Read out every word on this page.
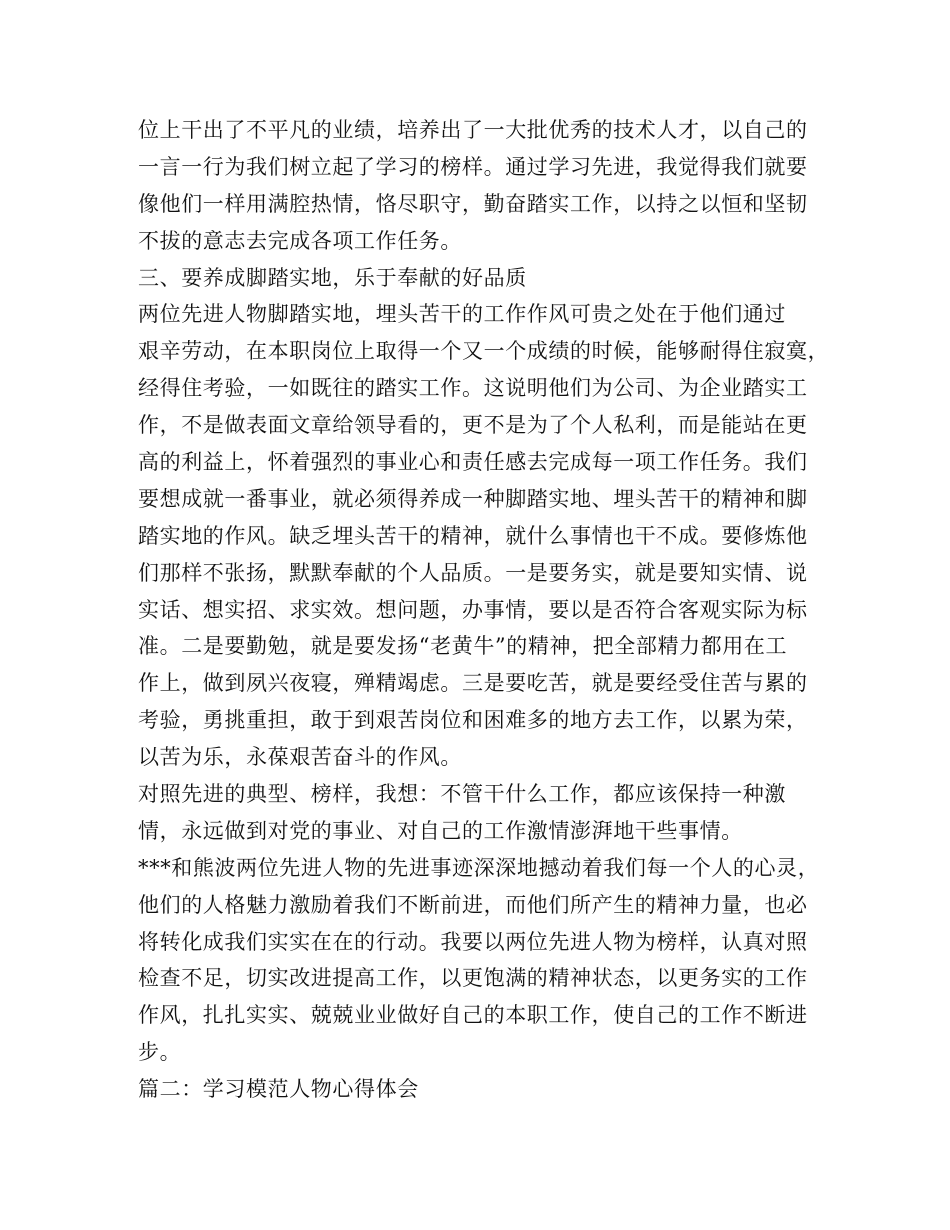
位上干出了不平凡的业绩，培养出了一大批优秀的技术人才，以自己的
一言一行为我们树立起了学习的榜样。通过学习先进，我觉得我们就要
像他们一样用满腔热情，恪尽职守，勤奋踏实工作，以持之以恒和坚韧
不拔的意志去完成各项工作任务。
三、要养成脚踏实地，乐于奉献的好品质
两位先进人物脚踏实地，埋头苦干的工作作风可贵之处在于他们通过
艰辛劳动，在本职岗位上取得一个又一个成绩的时候，能够耐得住寂寞，
经得住考验，一如既往的踏实工作。这说明他们为公司、为企业踏实工
作，不是做表面文章给领导看的，更不是为了个人私利，而是能站在更
高的利益上，怀着强烈的事业心和责任感去完成每一项工作任务。我们
要想成就一番事业，就必须得养成一种脚踏实地、埋头苦干的精神和脚
踏实地的作风。缺乏埋头苦干的精神，就什么事情也干不成。要修炼他
们那样不张扬，默默奉献的个人品质。一是要务实，就是要知实情、说
实话、想实招、求实效。想问题，办事情，要以是否符合客观实际为标
准。二是要勤勉，就是要发扬“老黄牛”的精神，把全部精力都用在工
作上，做到夙兴夜寝，殚精竭虑。三是要吃苦，就是要经受住苦与累的
考验，勇挑重担，敢于到艰苦岗位和困难多的地方去工作，以累为荣，
以苦为乐，永葆艰苦奋斗的作风。
对照先进的典型、榜样，我想：不管干什么工作，都应该保持一种激
情，永远做到对党的事业、对自己的工作激情澎湃地干些事情。
***和熊波两位先进人物的先进事迹深深地撼动着我们每一个人的心灵，
他们的人格魅力激励着我们不断前进，而他们所产生的精神力量，也必
将转化成我们实实在在的行动。我要以两位先进人物为榜样，认真对照
检查不足，切实改进提高工作，以更饱满的精神状态，以更务实的工作
作风，扎扎实实、兢兢业业做好自己的本职工作，使自己的工作不断进
步。
篇二：学习模范人物心得体会
